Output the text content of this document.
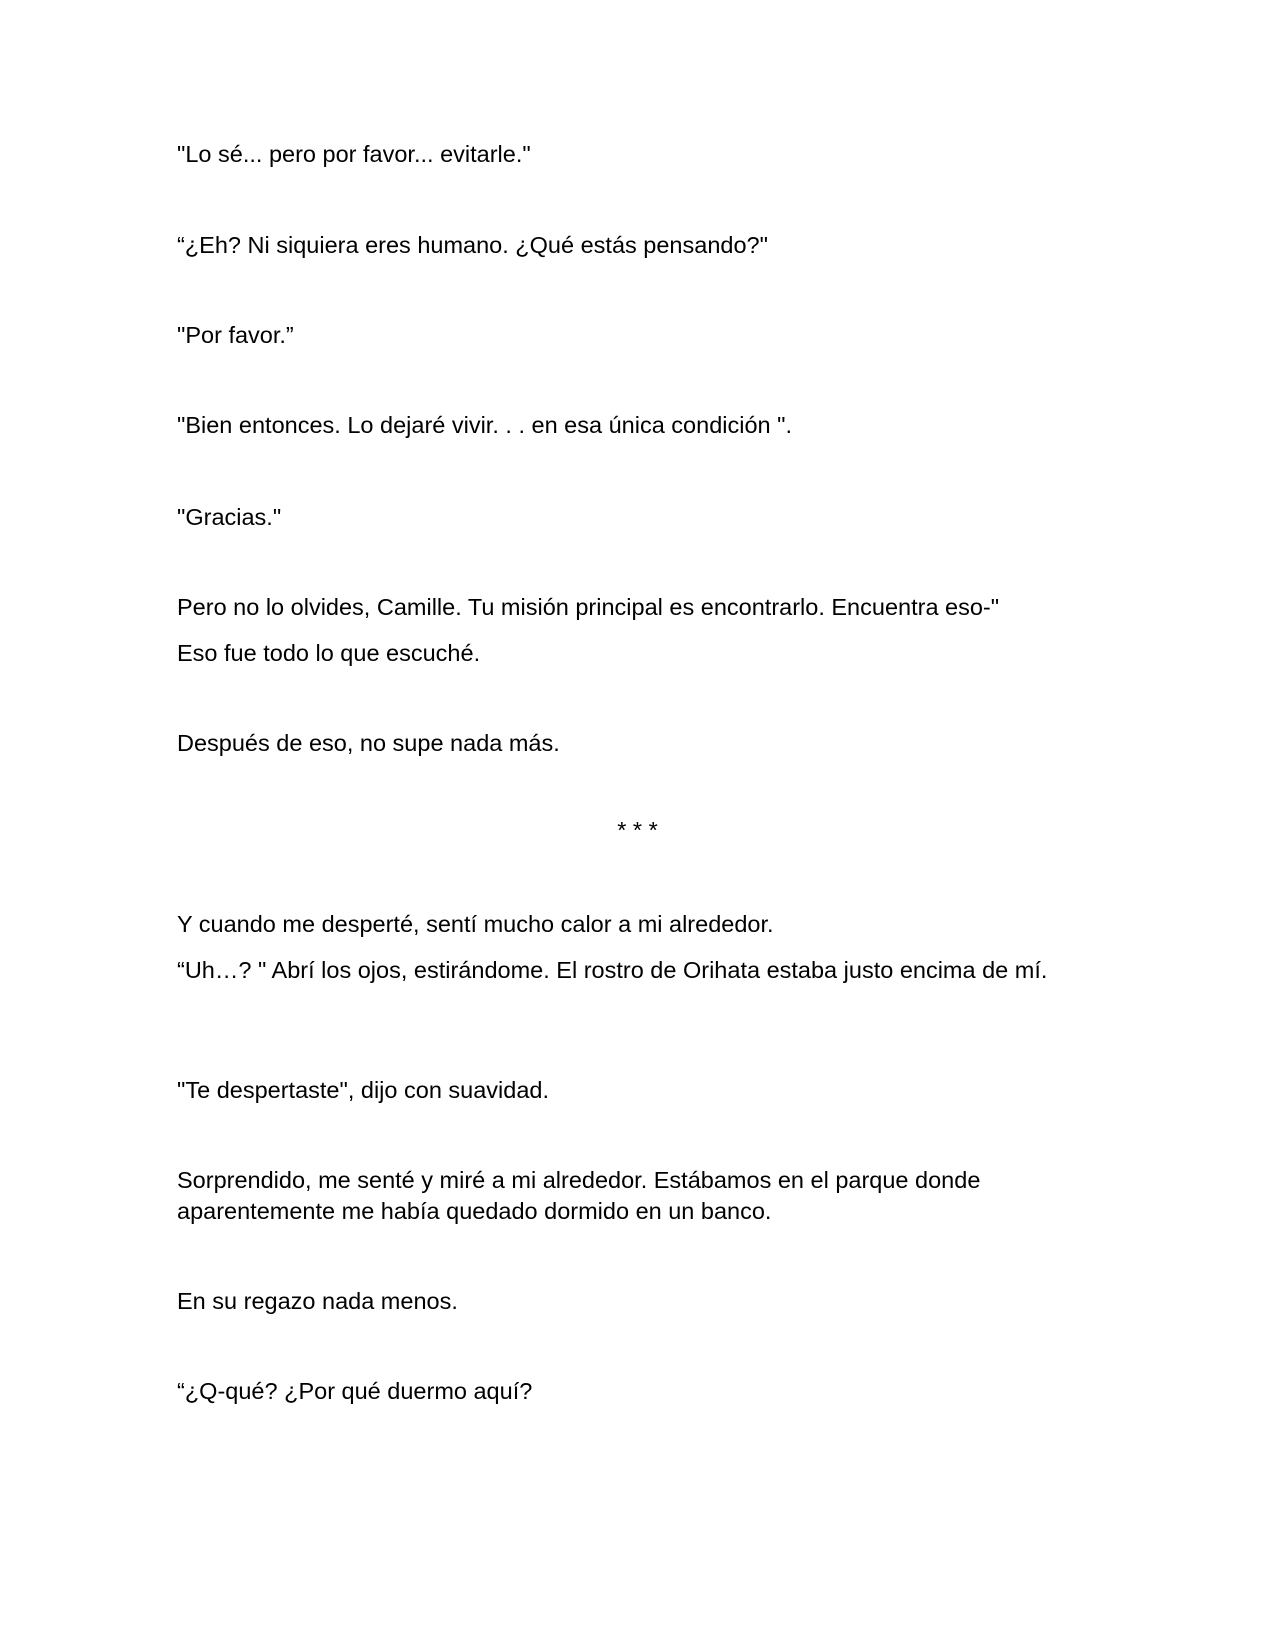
"Lo sé... pero por favor... evitarle."

“¿Eh? Ni siquiera eres humano. ¿Qué estás pensando?"

"Por favor.”

"Bien entonces. Lo dejaré vivir. . . en esa única condición ".

"Gracias."

Pero no lo olvides, Camille. Tu misión principal es encontrarlo. Encuentra eso-"

Eso fue todo lo que escuché.

Después de eso, no supe nada más.

* * *

Y cuando me desperté, sentí mucho calor a mi alrededor.

“Uh…? " Abrí los ojos, estirándome. El rostro de Orihata estaba justo encima de mí.

"Te despertaste", dijo con suavidad.

Sorprendido, me senté y miré a mi alrededor. Estábamos en el parque donde aparentemente me había quedado dormido en un banco.

En su regazo nada menos.

“¿Q-qué? ¿Por qué duermo aquí?
